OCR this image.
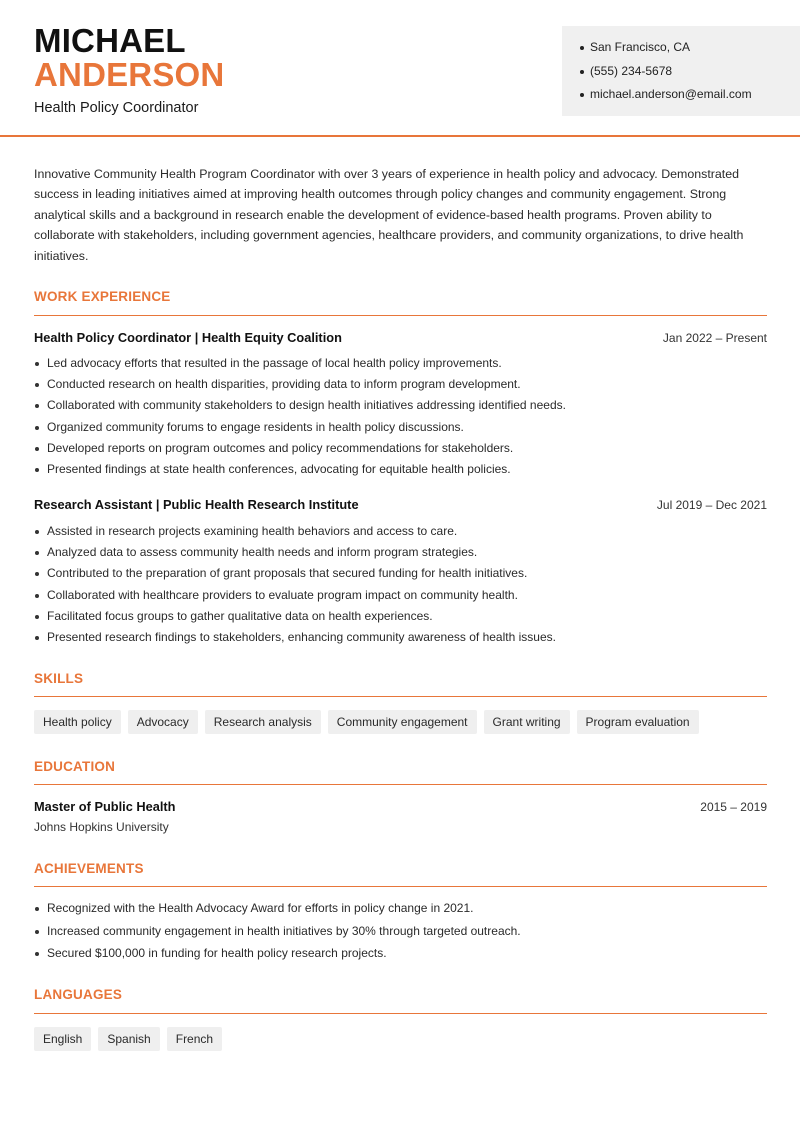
MICHAEL
ANDERSON
Health Policy Coordinator
San Francisco, CA
(555) 234-5678
michael.anderson@email.com
Innovative Community Health Program Coordinator with over 3 years of experience in health policy and advocacy. Demonstrated success in leading initiatives aimed at improving health outcomes through policy changes and community engagement. Strong analytical skills and a background in research enable the development of evidence-based health programs. Proven ability to collaborate with stakeholders, including government agencies, healthcare providers, and community organizations, to drive health initiatives.
WORK EXPERIENCE
Health Policy Coordinator | Health Equity Coalition	Jan 2022 – Present
Led advocacy efforts that resulted in the passage of local health policy improvements.
Conducted research on health disparities, providing data to inform program development.
Collaborated with community stakeholders to design health initiatives addressing identified needs.
Organized community forums to engage residents in health policy discussions.
Developed reports on program outcomes and policy recommendations for stakeholders.
Presented findings at state health conferences, advocating for equitable health policies.
Research Assistant | Public Health Research Institute	Jul 2019 – Dec 2021
Assisted in research projects examining health behaviors and access to care.
Analyzed data to assess community health needs and inform program strategies.
Contributed to the preparation of grant proposals that secured funding for health initiatives.
Collaborated with healthcare providers to evaluate program impact on community health.
Facilitated focus groups to gather qualitative data on health experiences.
Presented research findings to stakeholders, enhancing community awareness of health issues.
SKILLS
Health policy	Advocacy	Research analysis	Community engagement	Grant writing	Program evaluation
EDUCATION
Master of Public Health	2015 – 2019
Johns Hopkins University
ACHIEVEMENTS
Recognized with the Health Advocacy Award for efforts in policy change in 2021.
Increased community engagement in health initiatives by 30% through targeted outreach.
Secured $100,000 in funding for health policy research projects.
LANGUAGES
English	Spanish	French
